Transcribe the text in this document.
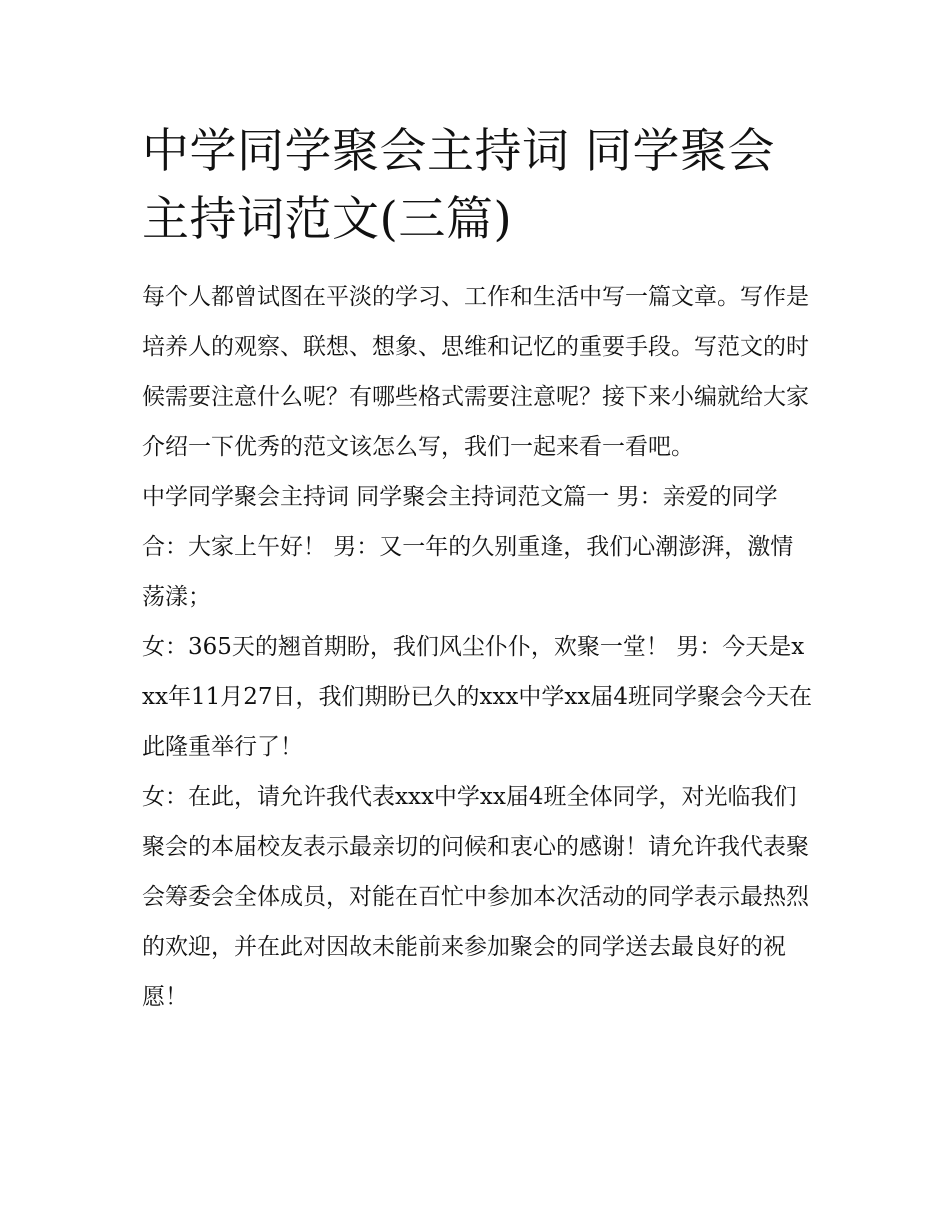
中学同学聚会主持词 同学聚会主持词范文(三篇)

每个人都曾试图在平淡的学习、工作和生活中写一篇文章。写作是培养人的观察、联想、想象、思维和记忆的重要手段。写范文的时候需要注意什么呢？有哪些格式需要注意呢？接下来小编就给大家介绍一下优秀的范文该怎么写，我们一起来看一看吧。

中学同学聚会主持词 同学聚会主持词范文篇一 男：亲爱的同学 合：大家上午好！ 男：又一年的久别重逢，我们心潮澎湃，激情荡漾；

女：365天的翘首期盼，我们风尘仆仆，欢聚一堂！ 男：今天是xxx年11月27日，我们期盼已久的xxx中学xx届4班同学聚会今天在此隆重举行了！

女：在此，请允许我代表xxx中学xx届4班全体同学，对光临我们聚会的本届校友表示最亲切的问候和衷心的感谢！请允许我代表聚会筹委会全体成员，对能在百忙中参加本次活动的同学表示最热烈的欢迎，并在此对因故未能前来参加聚会的同学送去最良好的祝愿！
